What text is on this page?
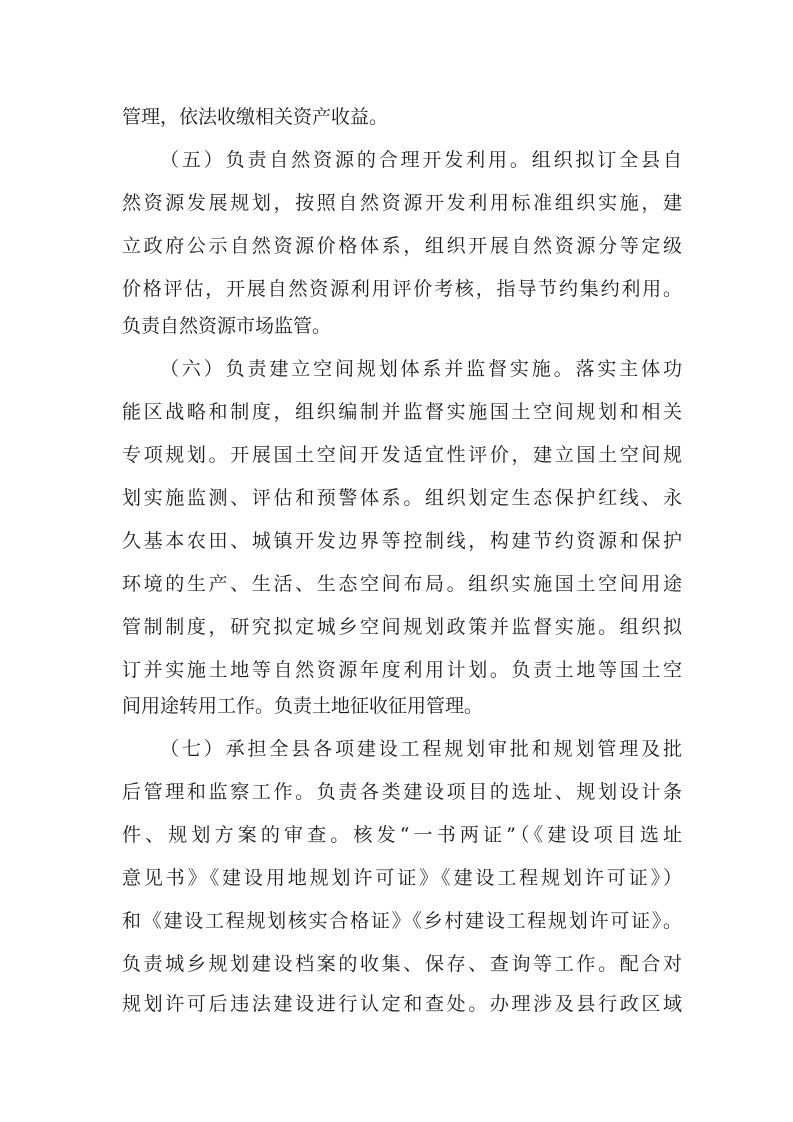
管理，依法收缴相关资产收益。
（五）负责自然资源的合理开发利用。组织拟订全县自
然资源发展规划，按照自然资源开发利用标准组织实施，建
立政府公示自然资源价格体系，组织开展自然资源分等定级
价格评估，开展自然资源利用评价考核，指导节约集约利用。
负责自然资源市场监管。
（六）负责建立空间规划体系并监督实施。落实主体功
能区战略和制度，组织编制并监督实施国土空间规划和相关
专项规划。开展国土空间开发适宜性评价，建立国土空间规
划实施监测、评估和预警体系。组织划定生态保护红线、永
久基本农田、城镇开发边界等控制线，构建节约资源和保护
环境的生产、生活、生态空间布局。组织实施国土空间用途
管制制度，研究拟定城乡空间规划政策并监督实施。组织拟
订并实施土地等自然资源年度利用计划。负责土地等国土空
间用途转用工作。负责土地征收征用管理。
（七）承担全县各项建设工程规划审批和规划管理及批
后管理和监察工作。负责各类建设项目的选址、规划设计条
件、规划方案的审查。核发“一书两证”（《建设项目选址
意见书》《建设用地规划许可证》《建设工程规划许可证》）
和《建设工程规划核实合格证》《乡村建设工程规划许可证》。
负责城乡规划建设档案的收集、保存、查询等工作。配合对
规划许可后违法建设进行认定和查处。办理涉及县行政区域
